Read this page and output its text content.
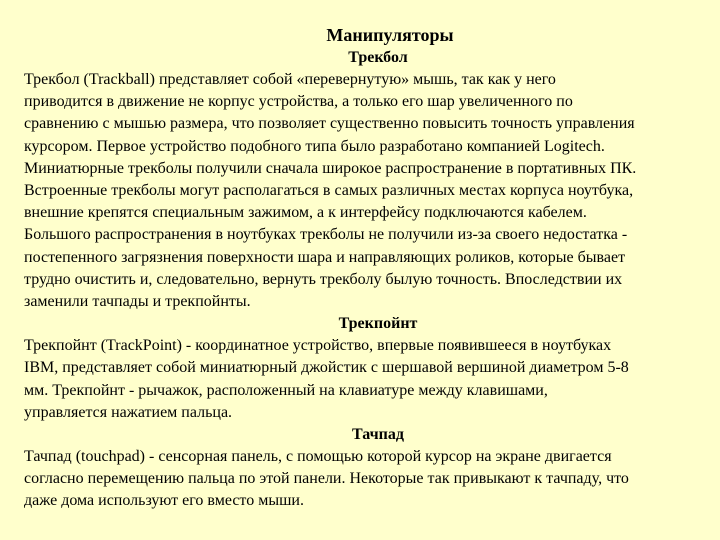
Манипуляторы
Трекбол

Трекбол (Trackball) представляет собой «перевернутую» мышь, так как у него
приводится в движение не корпус устройства, а только его шар увеличенного по
сравнению с мышью размера, что позволяет существенно повысить точность управления
курсором. Первое устройство подобного типа было разработано компанией Logitech.
Миниатюрные трекболы получили сначала широкое распространение в портативных ПК.
Встроенные трекболы могут располагаться в самых различных местах корпуса ноутбука,
внешние крепятся специальным зажимом, а к интерфейсу подключаются кабелем.
Большого распространения в ноутбуках трекболы не получили из-за своего недостатка -
постепенного загрязнения поверхности шара и направляющих роликов, которые бывает
трудно очистить и, следовательно, вернуть трекболу былую точность. Впоследствии их
заменили тачпады и трекпойнты.

Трекпойнт

Трекпойнт (TrackPoint) - координатное устройство, впервые появившееся в ноутбуках
IBM, представляет собой миниатюрный джойстик с шершавой вершиной диаметром 5-8
мм. Трекпойнт - рычажок, расположенный на клавиатуре между клавишами,
управляется нажатием пальца.

Тачпад

Тачпад (touchpad) - сенсорная панель, с помощью которой курсор на экране двигается
согласно перемещению пальца по этой панели. Некоторые так привыкают к тачпаду, что
даже дома используют его вместо мыши.
